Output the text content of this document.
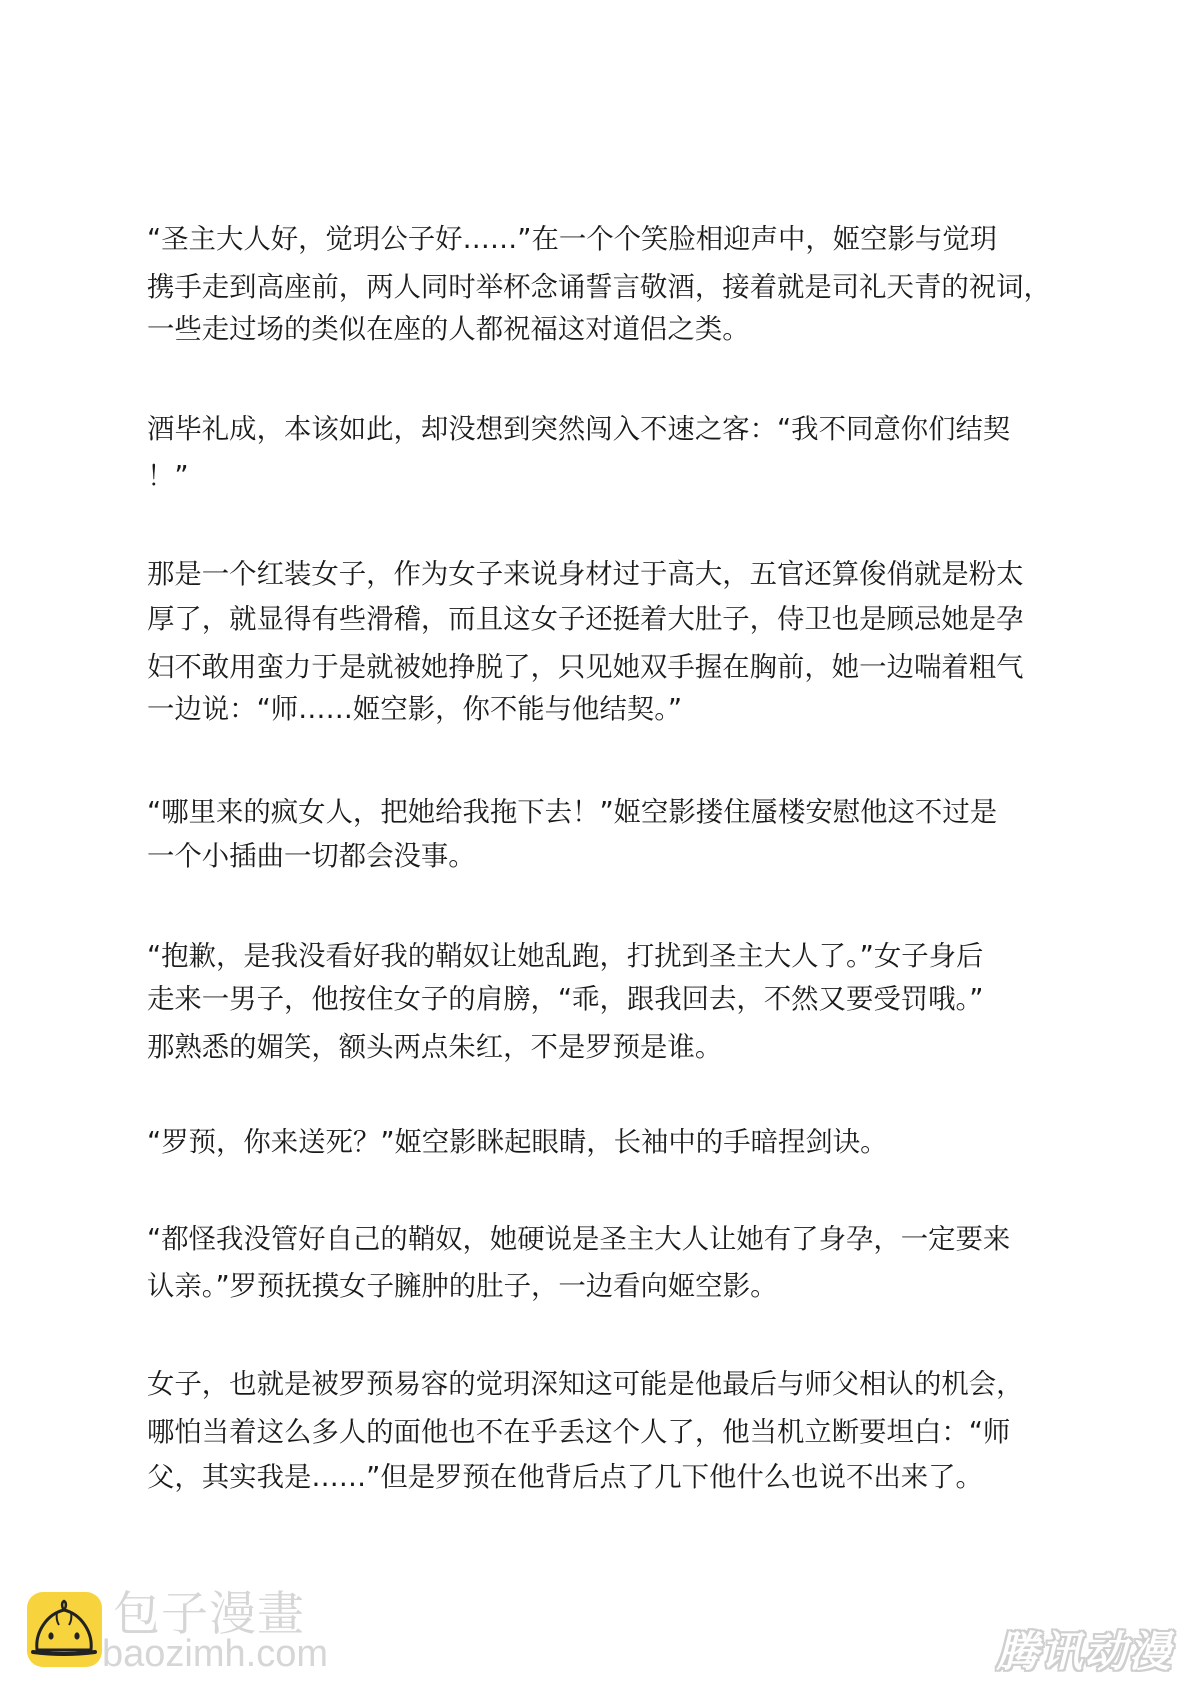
“圣主大人好，觉玥公子好……”在一个个笑脸相迎声中，姬空影与觉玥
携手走到高座前，两人同时举杯念诵誓言敬酒，接着就是司礼天青的祝词，
一些走过场的类似在座的人都祝福这对道侣之类。
酒毕礼成，本该如此，却没想到突然闯入不速之客：“我不同意你们结契
！”
那是一个红装女子，作为女子来说身材过于高大，五官还算俊俏就是粉太
厚了，就显得有些滑稽，而且这女子还挺着大肚子，侍卫也是顾忌她是孕
妇不敢用蛮力于是就被她挣脱了，只见她双手握在胸前，她一边喘着粗气
一边说：“师……姬空影，你不能与他结契。”
“哪里来的疯女人，把她给我拖下去！”姬空影搂住蜃楼安慰他这不过是
一个小插曲一切都会没事。
“抱歉，是我没看好我的鞘奴让她乱跑，打扰到圣主大人了。”女子身后
走来一男子，他按住女子的肩膀，“乖，跟我回去，不然又要受罚哦。”
那熟悉的媚笑，额头两点朱红，不是罗预是谁。
“罗预，你来送死？”姬空影眯起眼睛，长袖中的手暗捏剑诀。
“都怪我没管好自己的鞘奴，她硬说是圣主大人让她有了身孕，一定要来
认亲。”罗预抚摸女子臃肿的肚子，一边看向姬空影。
女子，也就是被罗预易容的觉玥深知这可能是他最后与师父相认的机会，
哪怕当着这么多人的面他也不在乎丢这个人了，他当机立断要坦白：“师
父，其实我是……”但是罗预在他背后点了几下他什么也说不出来了。
包子漫畫
baozimh.com	腾讯动漫
